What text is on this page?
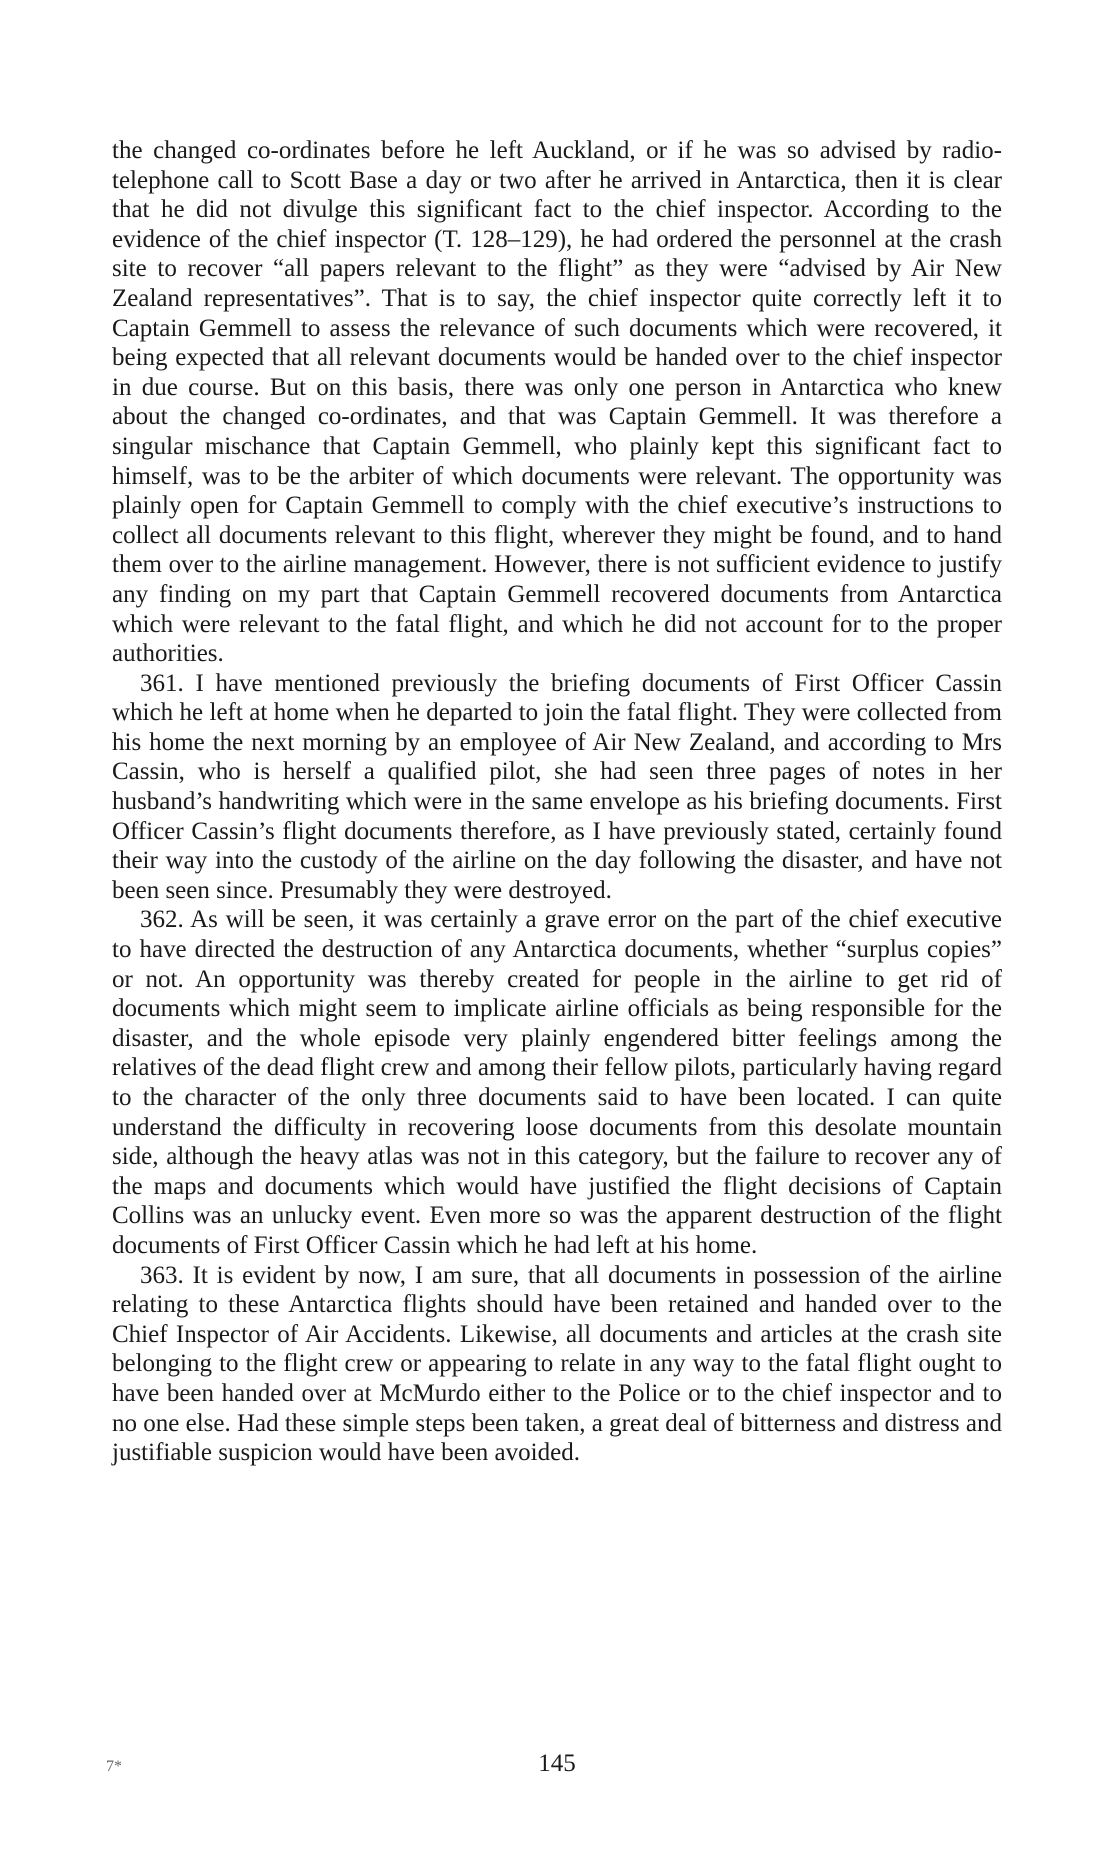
the changed co-ordinates before he left Auckland, or if he was so advised by radio-telephone call to Scott Base a day or two after he arrived in Antarctica, then it is clear that he did not divulge this significant fact to the chief inspector. According to the evidence of the chief inspector (T. 128–129), he had ordered the personnel at the crash site to recover “all papers relevant to the flight” as they were “advised by Air New Zealand representatives”. That is to say, the chief inspector quite correctly left it to Captain Gemmell to assess the relevance of such documents which were recovered, it being expected that all relevant documents would be handed over to the chief inspector in due course. But on this basis, there was only one person in Antarctica who knew about the changed co-ordinates, and that was Captain Gemmell. It was therefore a singular mischance that Captain Gemmell, who plainly kept this significant fact to himself, was to be the arbiter of which documents were relevant. The opportunity was plainly open for Captain Gemmell to comply with the chief executive’s instructions to collect all documents relevant to this flight, wherever they might be found, and to hand them over to the airline management. However, there is not sufficient evidence to justify any finding on my part that Captain Gemmell recovered documents from Antarctica which were relevant to the fatal flight, and which he did not account for to the proper authorities.

361. I have mentioned previously the briefing documents of First Officer Cassin which he left at home when he departed to join the fatal flight. They were collected from his home the next morning by an employee of Air New Zealand, and according to Mrs Cassin, who is herself a qualified pilot, she had seen three pages of notes in her husband’s handwriting which were in the same envelope as his briefing documents. First Officer Cassin’s flight documents therefore, as I have previously stated, certainly found their way into the custody of the airline on the day following the disaster, and have not been seen since. Presumably they were destroyed.

362. As will be seen, it was certainly a grave error on the part of the chief executive to have directed the destruction of any Antarctica documents, whether “surplus copies” or not. An opportunity was thereby created for people in the airline to get rid of documents which might seem to implicate airline officials as being responsible for the disaster, and the whole episode very plainly engendered bitter feelings among the relatives of the dead flight crew and among their fellow pilots, particularly having regard to the character of the only three documents said to have been located. I can quite understand the difficulty in recovering loose documents from this desolate mountain side, although the heavy atlas was not in this category, but the failure to recover any of the maps and documents which would have justified the flight decisions of Captain Collins was an unlucky event. Even more so was the apparent destruction of the flight documents of First Officer Cassin which he had left at his home.

363. It is evident by now, I am sure, that all documents in possession of the airline relating to these Antarctica flights should have been retained and handed over to the Chief Inspector of Air Accidents. Likewise, all documents and articles at the crash site belonging to the flight crew or appearing to relate in any way to the fatal flight ought to have been handed over at McMurdo either to the Police or to the chief inspector and to no one else. Had these simple steps been taken, a great deal of bitterness and distress and justifiable suspicion would have been avoided.

7*	145
